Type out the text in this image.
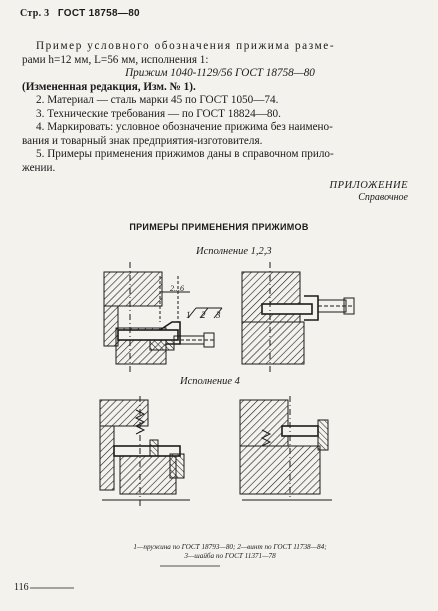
Стр. 3 ГОСТ 18758—80

Пример условного обозначения прижима разме-

рами h=12 мм, L=56 мм, исполнения 1:

Прижим 1040-1129/56 ГОСТ 18758—80

(Измененная редакция, Изм. № 1).

2. Материал — сталь марки 45 по ГОСТ 1050—74.

3. Технические требования — по ГОСТ 18824—80.

4. Маркировать: условное обозначение прижима без наимено-

вания и товарный знак предприятия-изготовителя.

5. Примеры применения прижимов даны в справочном прило-

жении.

ПРИЛОЖЕНИЕ
Справочное
ПРИМЕРЫ ПРИМЕНЕНИЯ ПРИЖИМОВ
Исполнение 1,2,3
Исполнение 4
2...6
1	3
2
1—пружина по ГОСТ 18793—80; 2—винт по ГОСТ 11738—84;
3—шайба по ГОСТ 11371—78
116
